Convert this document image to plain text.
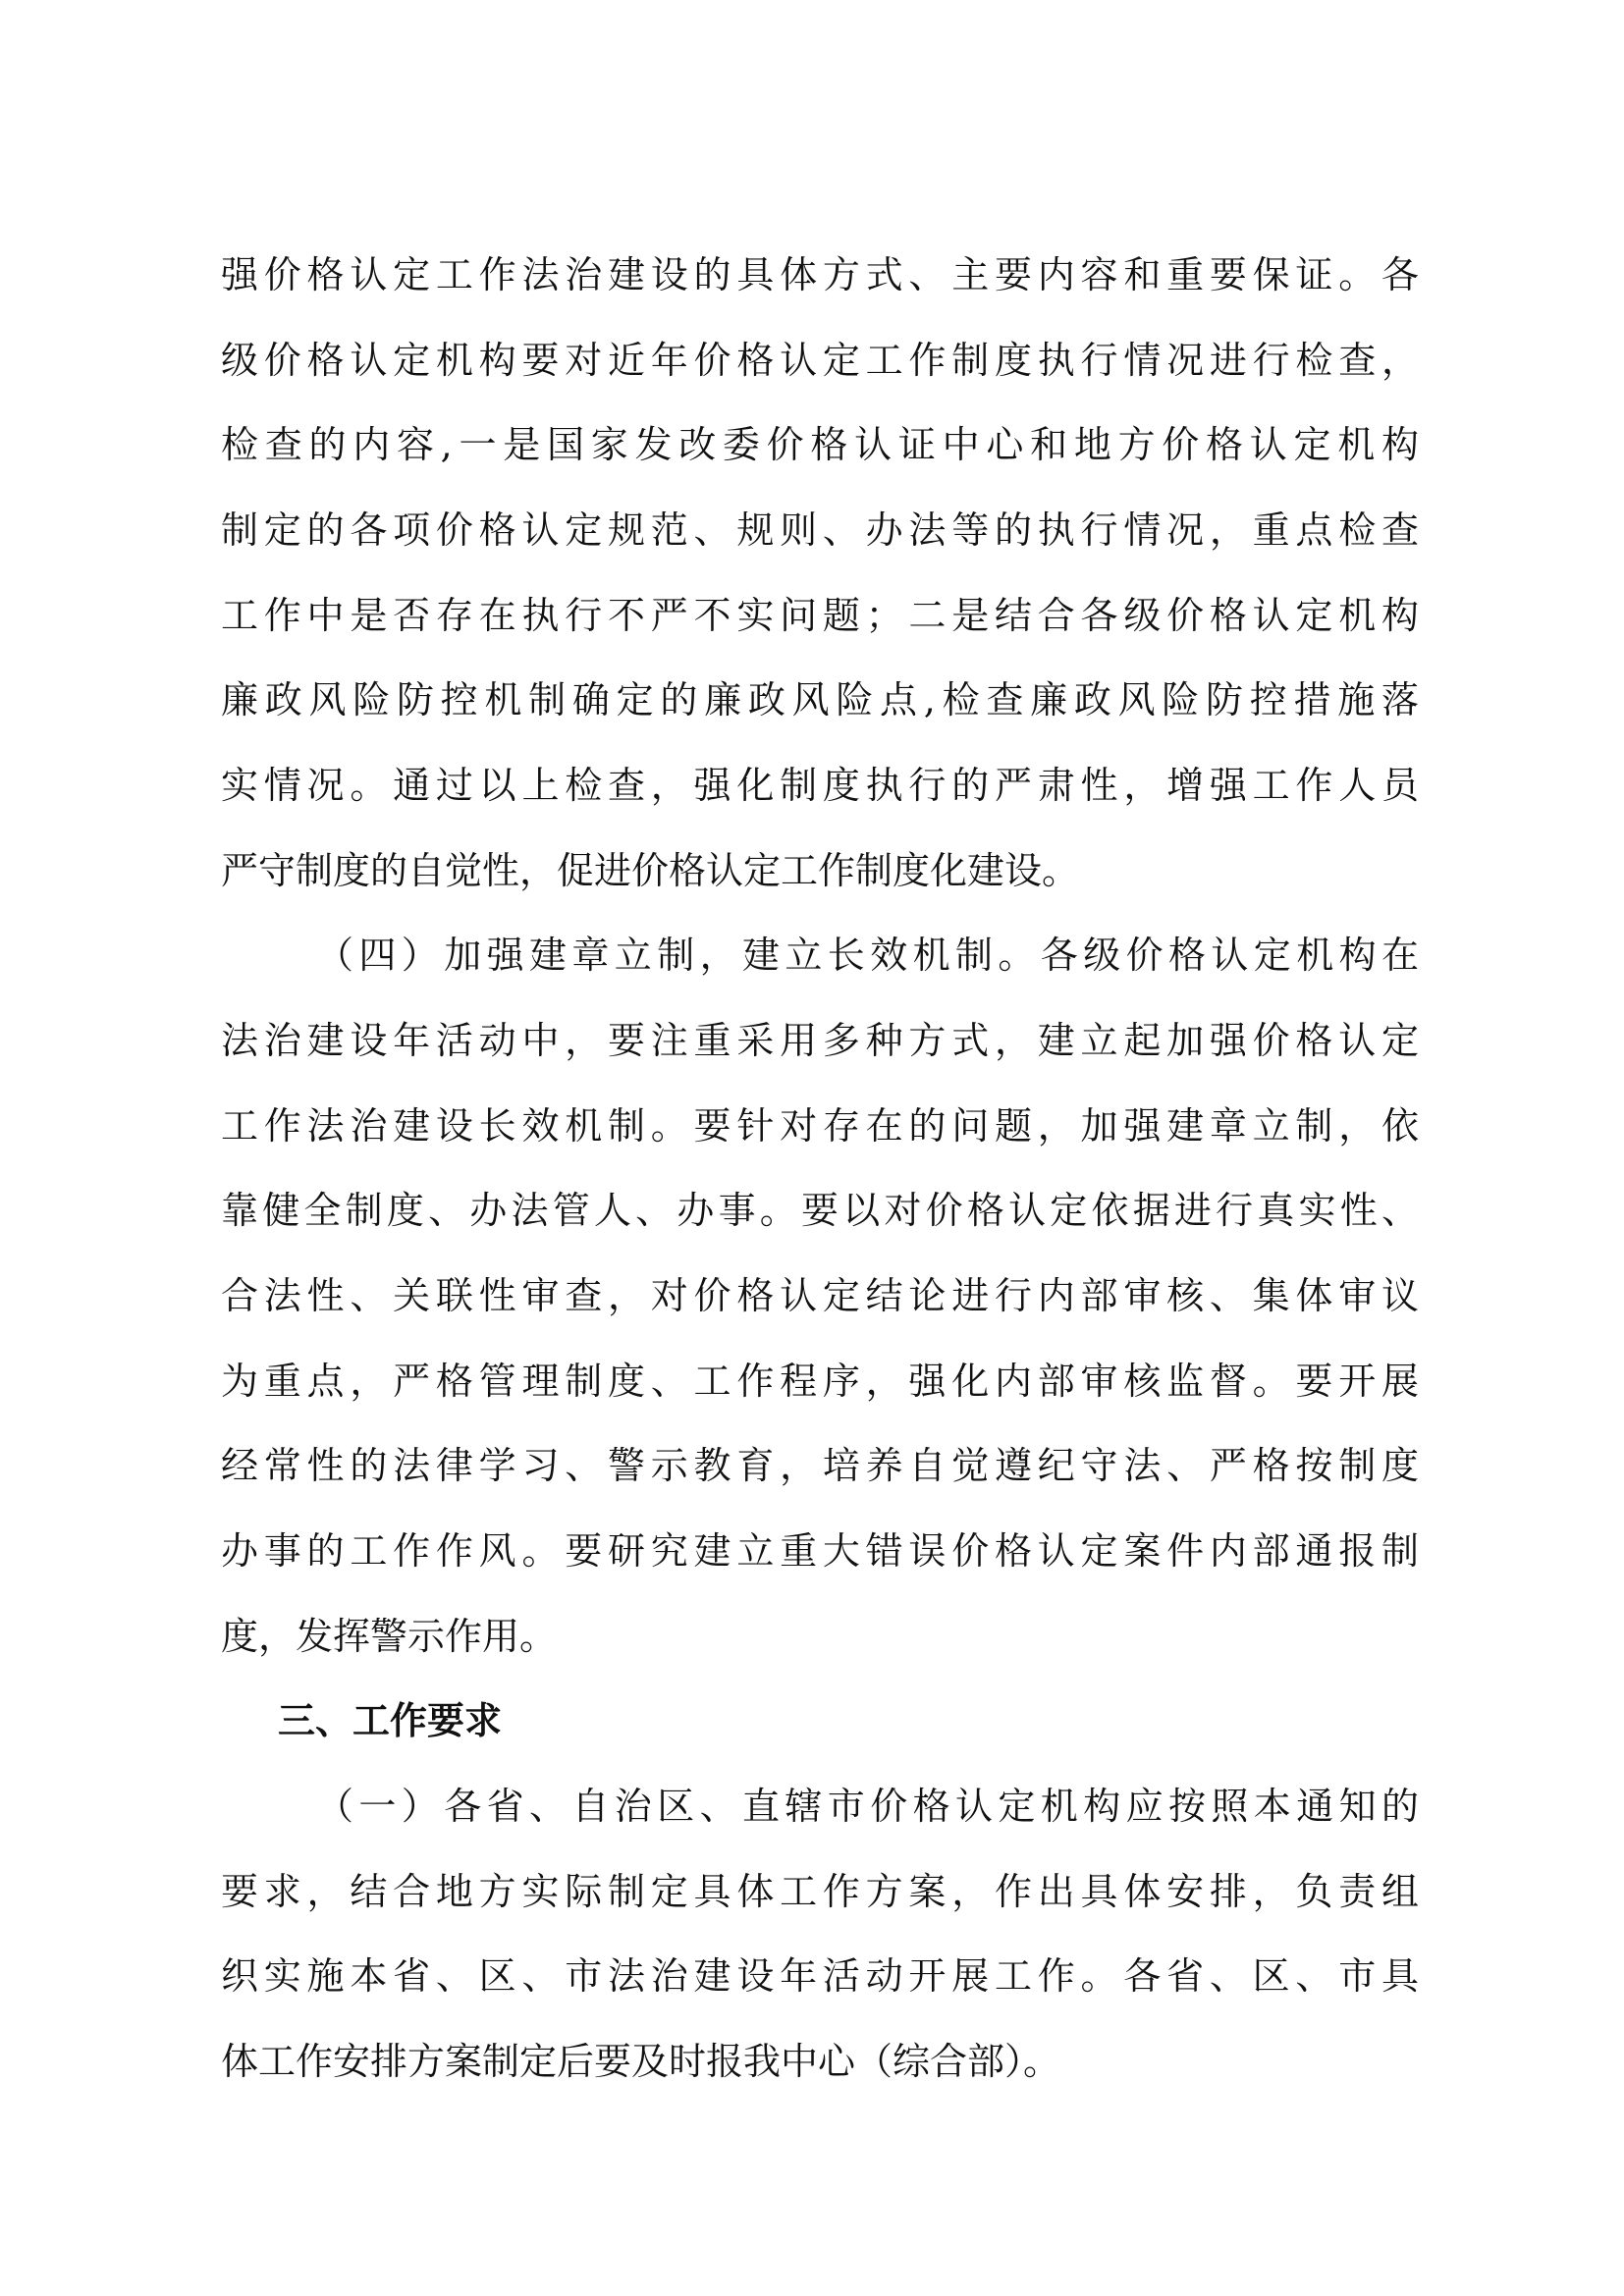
强价格认定工作法治建设的具体方式、主要内容和重要保证。各
级价格认定机构要对近年价格认定工作制度执行情况进行检查，
检查的内容,一是国家发改委价格认证中心和地方价格认定机构
制定的各项价格认定规范、规则、办法等的执行情况，重点检查
工作中是否存在执行不严不实问题；二是结合各级价格认定机构
廉政风险防控机制确定的廉政风险点,检查廉政风险防控措施落
实情况。通过以上检查，强化制度执行的严肃性，增强工作人员
严守制度的自觉性，促进价格认定工作制度化建设。
（四）加强建章立制，建立长效机制。各级价格认定机构在
法治建设年活动中，要注重采用多种方式，建立起加强价格认定
工作法治建设长效机制。要针对存在的问题，加强建章立制，依
靠健全制度、办法管人、办事。要以对价格认定依据进行真实性、
合法性、关联性审查，对价格认定结论进行内部审核、集体审议
为重点，严格管理制度、工作程序，强化内部审核监督。要开展
经常性的法律学习、警示教育，培养自觉遵纪守法、严格按制度
办事的工作作风。要研究建立重大错误价格认定案件内部通报制
度，发挥警示作用。
三、工作要求
（一）各省、自治区、直辖市价格认定机构应按照本通知的
要求，结合地方实际制定具体工作方案，作出具体安排，负责组
织实施本省、区、市法治建设年活动开展工作。各省、区、市具
体工作安排方案制定后要及时报我中心（综合部）。
